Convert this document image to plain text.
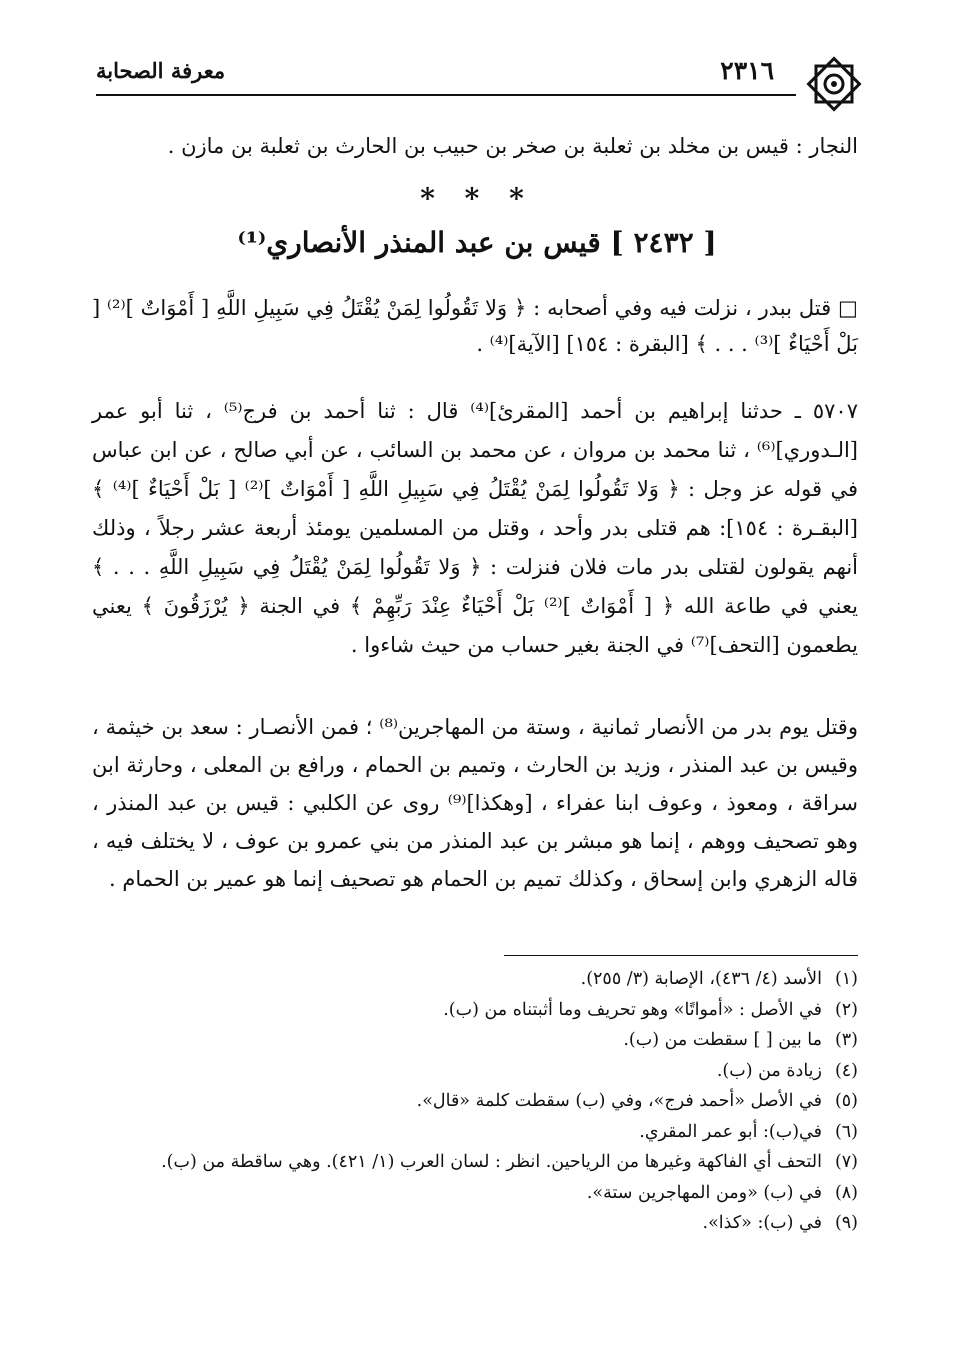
٢٣١٦
معرفة الصحابة
النجار : قيس بن مخلد بن ثعلبة بن صخر بن حبيب بن الحارث بن ثعلبة بن مازن .
* * *
[ ٢٤٣٢ ] قيس بن عبد المنذر الأنصاري⁽¹⁾
□ قتل ببدر ، نزلت فيه وفي أصحابه : ﴿ وَلا تَقُولُوا لِمَنْ يُقْتَلُ فِي سَبِيلِ اللَّهِ [ أَمْوَاتٌ ]⁽²⁾ [ بَلْ أَحْيَاءٌ ]⁽³⁾ . . . ﴾ [البقرة : ١٥٤] [الآية]⁽⁴⁾ .
٥٧٠٧ ـ حدثنا إبراهيم بن أحمد [المقرئ]⁽⁴⁾ قال : ثنا أحمد بن فرج⁽⁵⁾ ، ثنا أبو عمر [الـدوري]⁽⁶⁾ ، ثنا محمد بن مروان ، عن محمد بن السائب ، عن أبي صالح ، عن ابن عباس في قوله عز وجل : ﴿ وَلا تَقُولُوا لِمَنْ يُقْتَلُ فِي سَبِيلِ اللَّهِ [ أَمْوَاتٌ ]⁽²⁾ [ بَلْ أَحْيَاءٌ ]⁽⁴⁾ ﴾ [البقـرة : ١٥٤]: هم قتلى بدر وأحد ، وقتل من المسلمين يومئذ أربعة عشر رجلاً ، وذلك أنهم يقولون لقتلى بدر مات فلان فنزلت : ﴿ وَلا تَقُولُوا لِمَنْ يُقْتَلُ فِي سَبِيلِ اللَّهِ . . . ﴾ يعني في طاعة الله ﴿ [ أَمْوَاتٌ ]⁽²⁾ بَلْ أَحْيَاءٌ عِنْدَ رَبِّهِمْ ﴾ في الجنة ﴿ يُرْزَقُونَ ﴾ يعني يطعمون [التحف]⁽⁷⁾ في الجنة بغير حساب من حيث شاءوا .
وقتل يوم بدر من الأنصار ثمانية ، وستة من المهاجرين⁽⁸⁾ ؛ فمن الأنصـار : سعد بن خيثمة ، وقيس بن عبد المنذر ، وزيد بن الحارث ، وتميم بن الحمام ، ورافع بن المعلى ، وحارثة ابن سراقة ، ومعوذ ، وعوف ابنا عفراء ، [وهكذا]⁽⁹⁾ روى عن الكلبي : قيس بن عبد المنذر ، وهو تصحيف ووهم ، إنما هو مبشر بن عبد المنذر من بني عمرو بن عوف ، لا يختلف فيه ، قاله الزهري وابن إسحاق ، وكذلك تميم بن الحمام هو تصحيف إنما هو عمير بن الحمام .
(١)الأسد (٤/ ٤٣٦)، الإصابة (٣/ ٢٥٥).
(٢)في الأصل : «أمواتًا» وهو تحريف وما أثبتناه من (ب).
(٣)ما بين [ ] سقطت من (ب).
(٤)زيادة من (ب).
(٥)في الأصل «أحمد فرج»، وفي (ب) سقطت كلمة «قال».
(٦)في(ب): أبو عمر المقري.
(٧)التحف أي الفاكهة وغيرها من الرياحين. انظر : لسان العرب (١/ ٤٢١). وهي ساقطة من (ب).
(٨)في (ب) «ومن المهاجرين ستة».
(٩)في (ب): «كذا».
